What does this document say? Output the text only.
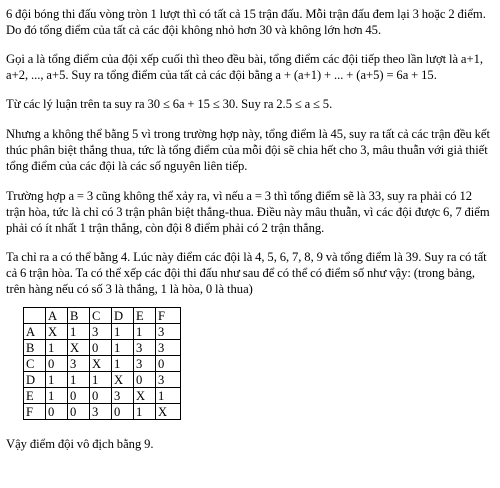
6 đội bóng thi đấu vòng tròn 1 lượt thì có tất cả 15 trận đấu. Mỗi trận đấu đem lại 3 hoặc 2 điểm. Do đó tổng điểm của tất cả các đội không nhỏ hơn 30 và không lớn hơn 45.

Gọi a là tổng điểm của đội xếp cuối thì theo đều bài, tổng điểm các đội tiếp theo lần lượt là a+1, a+2, ..., a+5. Suy ra tổng điểm của tất cả các đội bằng a + (a+1) + ... + (a+5) = 6a + 15.

Từ các lý luận trên ta suy ra 30 ≤ 6a + 15 ≤ 30. Suy ra 2.5 ≤ a ≤ 5.

Nhưng a không thể bằng 5 vì trong trường hợp này, tổng điểm là 45, suy ra tất cả các trận đều kết thúc phân biệt thắng thua, tức là tổng điểm của mỗi đội sẽ chia hết cho 3, mâu thuẫn với giả thiết tổng điểm của các đội là các số nguyên liên tiếp.

Trường hợp a = 3 cũng không thể xảy ra, vì nếu a = 3 thì tổng điểm sẽ là 33, suy ra phải có 12 trận hòa, tức là chỉ có 3 trận phân biệt thắng-thua. Điều này mâu thuẫn, vì các đội được 6, 7 điểm phải có ít nhất 1 trận thắng, còn đội 8 điểm phải có 2 trận thắng.

Ta chỉ ra a có thể bằng 4. Lúc này điểm các đội là 4, 5, 6, 7, 8, 9 và tổng điểm là 39. Suy ra có tất cả 6 trận hòa. Ta có thể xếp các đội thi đấu như sau để có thể có điểm số như vậy: (trong bảng, trên hàng nếu có số 3 là thắng, 1 là hòa, 0 là thua)

	A	B	C	D	E	F
A	X	1	3	1	1	3
B	1	X	0	1	3	3
C	0	3	X	1	3	0
D	1	1	1	X	0	3
E	1	0	0	3	X	1
F	0	0	3	0	1	X

Vậy điểm đội vô địch bằng 9.
